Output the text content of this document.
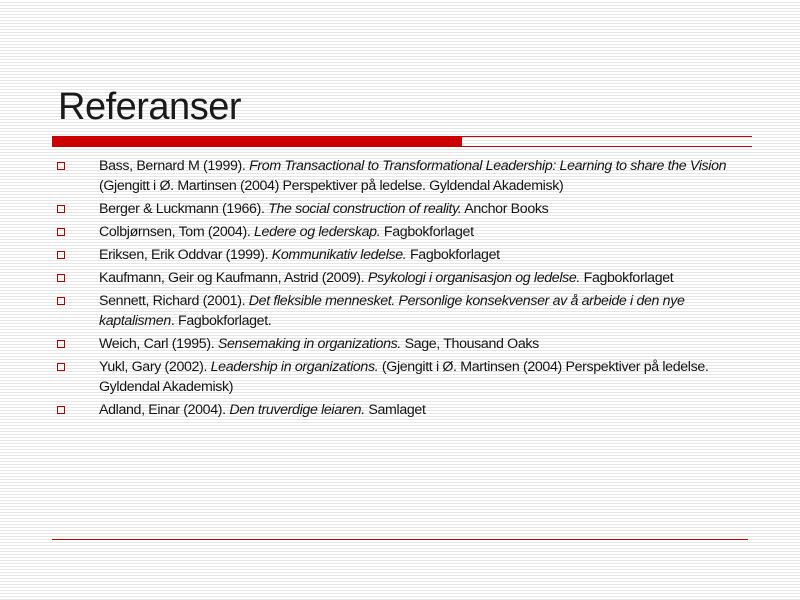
Referanser
Bass, Bernard M (1999). From Transactional to Transformational Leadership: Learning to share the Vision (Gjengitt i Ø. Martinsen (2004) Perspektiver på ledelse. Gyldendal Akademisk)
Berger & Luckmann (1966). The social construction of reality. Anchor Books
Colbjørnsen, Tom (2004). Ledere og lederskap. Fagbokforlaget
Eriksen, Erik Oddvar (1999). Kommunikativ ledelse. Fagbokforlaget
Kaufmann, Geir og Kaufmann, Astrid (2009). Psykologi i organisasjon og ledelse. Fagbokforlaget
Sennett, Richard (2001). Det fleksible mennesket. Personlige konsekvenser av å arbeide i den nye kaptalismen. Fagbokforlaget.
Weich, Carl (1995). Sensemaking in organizations. Sage, Thousand Oaks
Yukl, Gary (2002). Leadership in organizations. (Gjengitt i Ø. Martinsen (2004) Perspektiver på ledelse. Gyldendal Akademisk)
Adland, Einar (2004). Den truverdige leiaren. Samlaget
